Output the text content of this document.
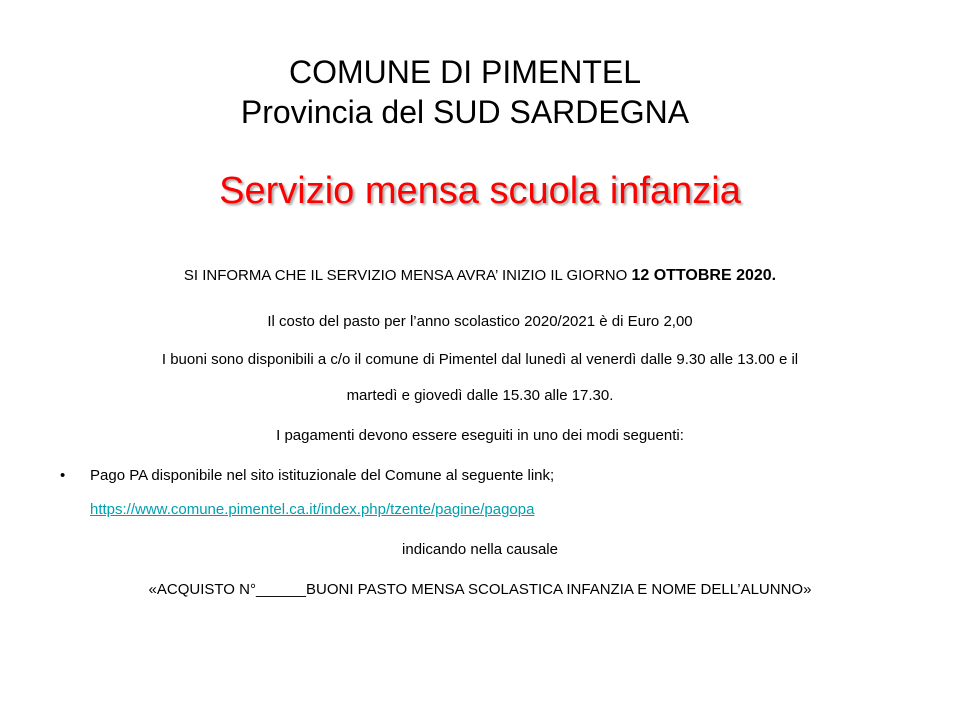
COMUNE DI PIMENTEL
Provincia del SUD SARDEGNA
Servizio mensa scuola infanzia
SI INFORMA CHE IL SERVIZIO MENSA AVRA’ INIZIO IL GIORNO 12 OTTOBRE 2020.
Il costo del pasto per l’anno scolastico 2020/2021 è di Euro 2,00
I buoni sono disponibili a c/o il comune di Pimentel dal lunedì al venerdì dalle 9.30 alle 13.00 e il
martedì e giovedì dalle 15.30 alle 17.30.
I pagamenti devono essere eseguiti in uno dei modi seguenti:
• Pago PA disponibile nel sito istituzionale del Comune al seguente link;
https://www.comune.pimentel.ca.it/index.php/tzente/pagine/pagopa
indicando nella causale
«ACQUISTO N°______BUONI PASTO MENSA SCOLASTICA INFANZIA E NOME DELL’ALUNNO»
